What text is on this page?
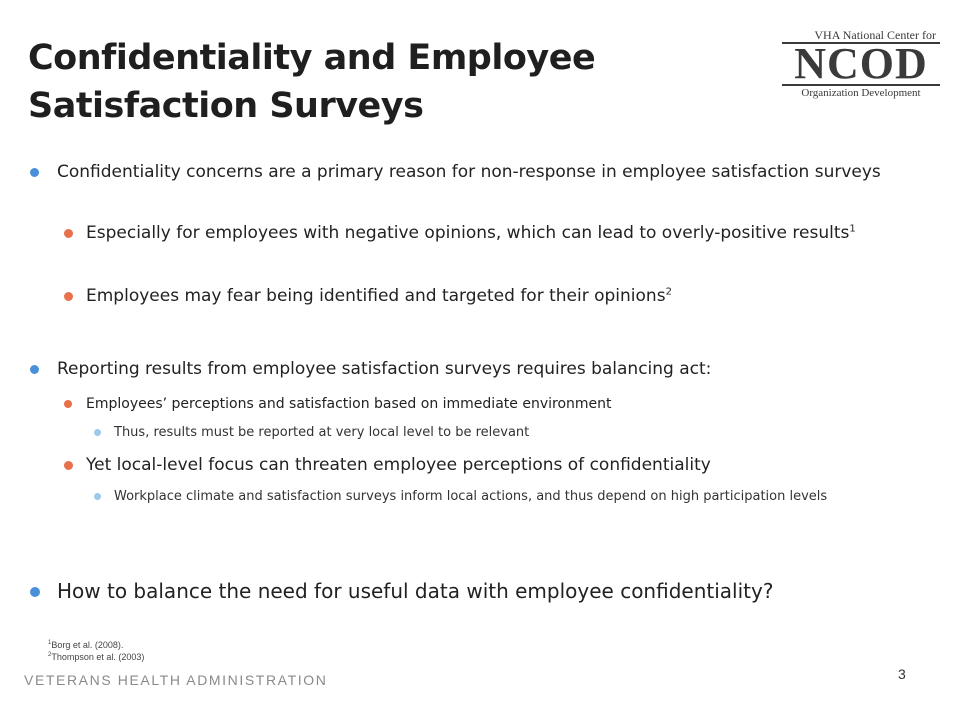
Confidentiality and Employee
Satisfaction Surveys
VHA National Center for
NCOD
Organization Development
Confidentiality concerns are a primary reason for non-response in employee satisfaction surveys
Especially for employees with negative opinions, which can lead to overly-positive results$^1$
Employees may fear being identified and targeted for their opinions$^2$
Reporting results from employee satisfaction surveys requires balancing act:
Employees’ perceptions and satisfaction based on immediate environment
Thus, results must be reported at very local level to be relevant
Yet local-level focus can threaten employee perceptions of confidentiality
Workplace climate and satisfaction surveys inform local actions, and thus depend on high participation levels
How to balance the need for useful data with employee confidentiality?
$^1$Borg et al. (2008).
$^2$Thompson et al. (2003)
VETERANS HEALTH ADMINISTRATION	3
